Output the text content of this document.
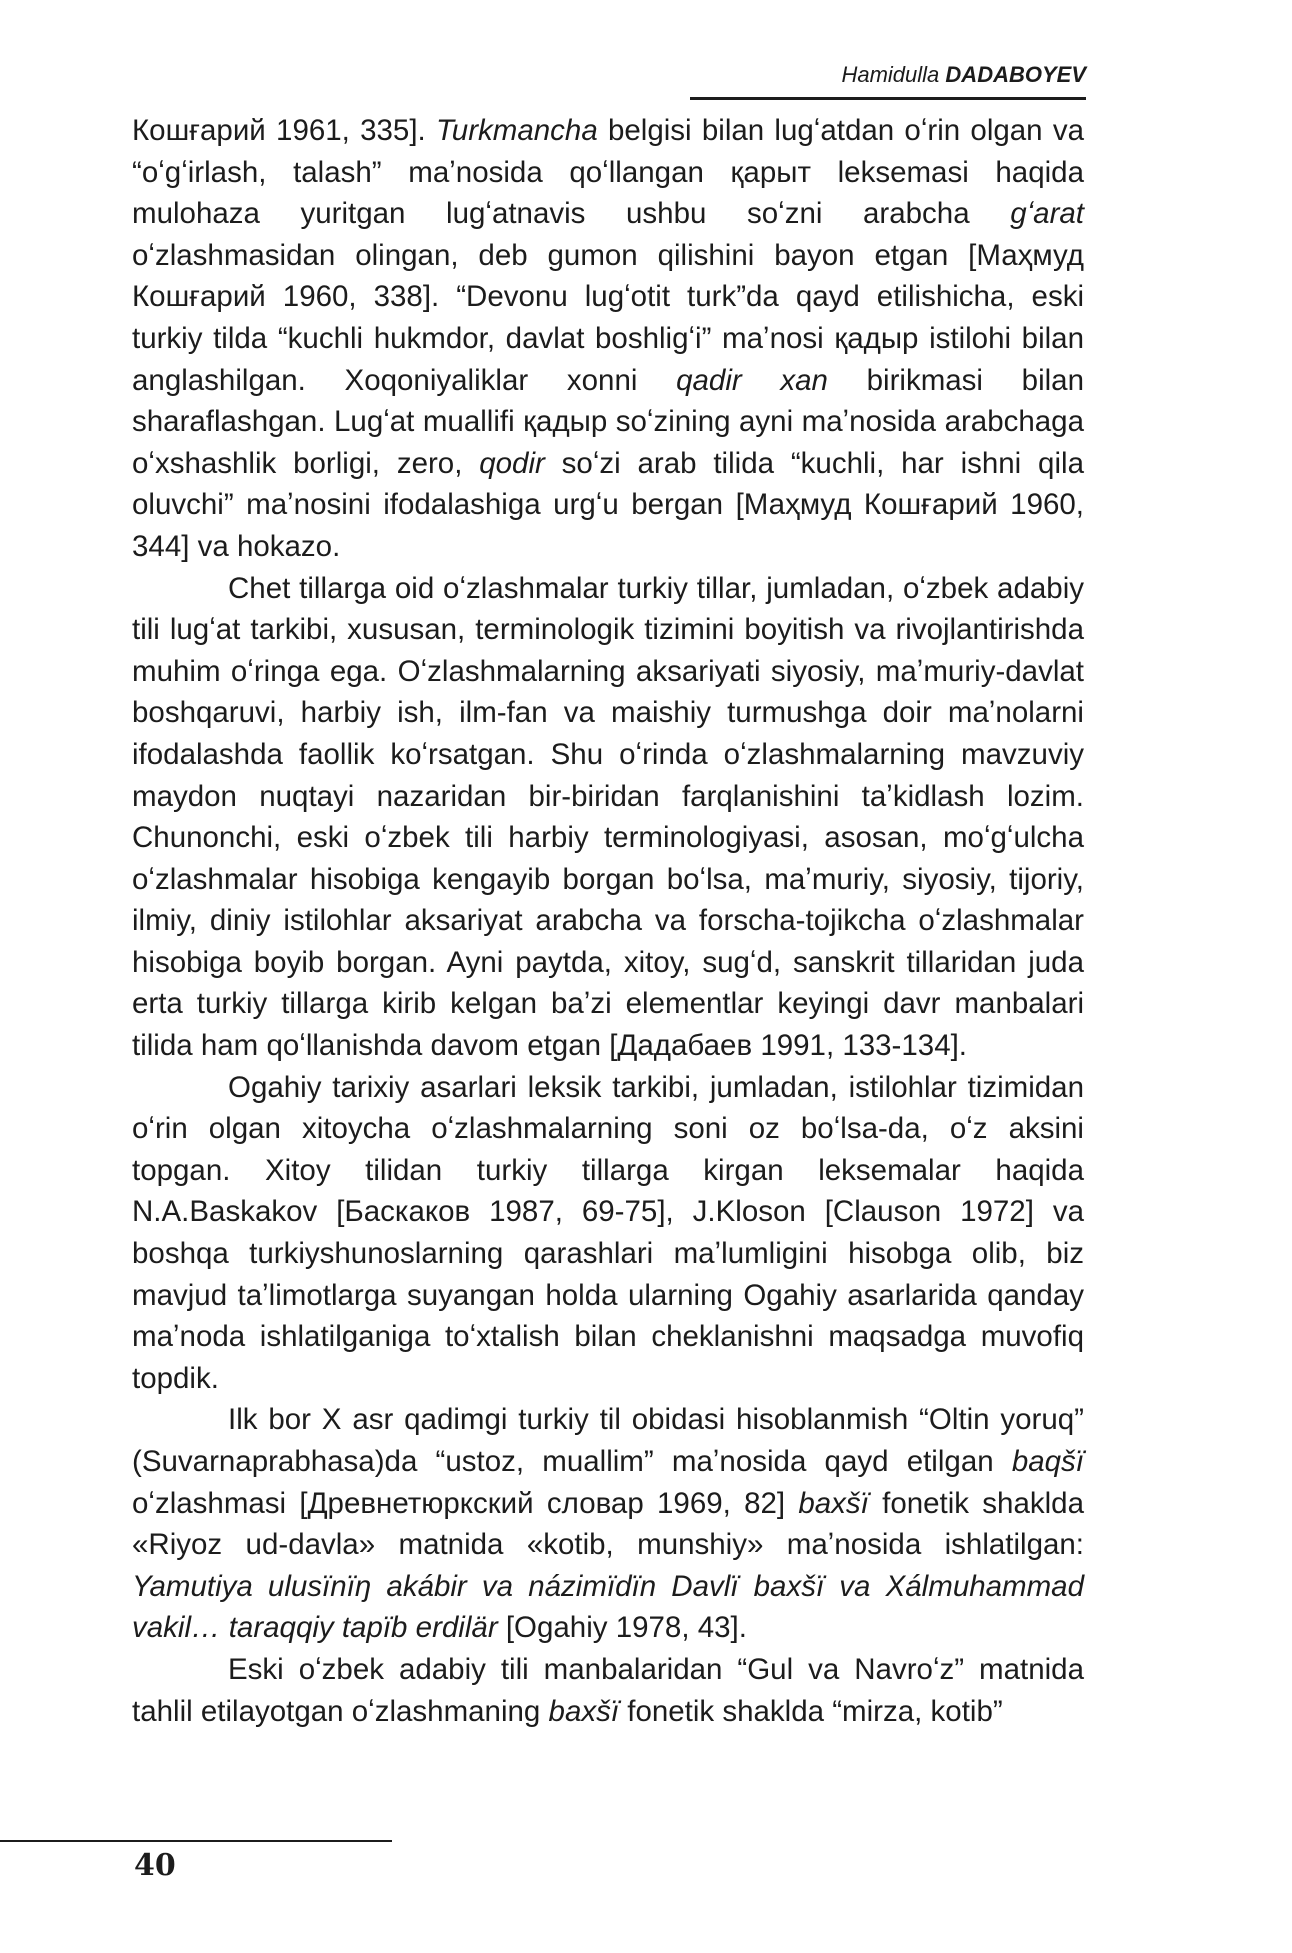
Hamidulla DADABOYEV

Кошғарий 1961, 335]. Turkmancha belgisi bilan lugʻatdan oʻrin olgan va “oʻgʻirlash, talash” maʼnosida qoʻllangan қарыт leksemasi haqida mulohaza yuritgan lugʻatnavis ushbu soʻzni arabcha gʻarat oʻzlashmasidan olingan, deb gumon qilishini bayon etgan [Маҳмуд Кошғарий 1960, 338]. “Devonu lugʻotit turk”da qayd etilishicha, eski turkiy tilda “kuchli hukmdor, davlat boshligʻi” maʼnosi қадыр istilohi bilan anglashilgan. Xoqoniyaliklar xonni qadir xan birikmasi bilan sharaflashgan. Lugʻat muallifi қадыр soʻzining ayni maʼnosida arabchaga oʻxshashlik borligi, zero, qodir soʻzi arab tilida “kuchli, har ishni qila oluvchi” maʼnosini ifodalashiga urgʻu bergan [Маҳмуд Кошғарий 1960, 344] va hokazo.

Chet tillarga oid oʻzlashmalar turkiy tillar, jumladan, oʻzbek adabiy tili lugʻat tarkibi, xususan, terminologik tizimini boyitish va rivojlantirishda muhim oʻringa ega. Oʻzlashmalarning aksariyati siyosiy, maʼmuriy-davlat boshqaruvi, harbiy ish, ilm-fan va maishiy turmushga doir maʼnolarni ifodalashda faollik koʻrsatgan. Shu oʻrinda oʻzlashmalarning mavzuviy maydon nuqtayi nazaridan bir-biridan farqlanishini taʼkidlash lozim. Chunonchi, eski oʻzbek tili harbiy terminologiyasi, asosan, moʻgʻulcha oʻzlashmalar hisobiga kengayib borgan boʻlsa, maʼmuriy, siyosiy, tijoriy, ilmiy, diniy istilohlar aksariyat arabcha va forscha-tojikcha oʻzlashmalar hisobiga boyib borgan. Ayni paytda, xitoy, sugʻd, sanskrit tillaridan juda erta turkiy tillarga kirib kelgan baʼzi elementlar keyingi davr manbalari tilida ham qoʻllanishda davom etgan [Дадабаев 1991, 133-134].

Ogahiy tarixiy asarlari leksik tarkibi, jumladan, istilohlar tizimidan oʻrin olgan xitoycha oʻzlashmalarning soni oz boʻlsa-da, oʻz aksini topgan. Xitoy tilidan turkiy tillarga kirgan leksemalar haqida N.A.Baskakov [Баскаков 1987, 69-75], J.Kloson [Clauson 1972] va boshqa turkiyshunoslarning qarashlari maʼlumligini hisobga olib, biz mavjud taʼlimotlarga suyangan holda ularning Ogahiy asarlarida qanday maʼnoda ishlatilganiga toʻxtalish bilan cheklanishni maqsadga muvofiq topdik.

Ilk bor X asr qadimgi turkiy til obidasi hisoblanmish “Oltin yoruq” (Suvarnaprabhasa)da “ustoz, muallim” maʼnosida qayd etilgan baqšï oʻzlashmasi [Древнетюркский словар 1969, 82] baxšï fonetik shakldа «Riyoz ud-davla» matnida «kotib, munshiy» maʼnosida ishlatilgan: Yamutiya ulusïnïŋ akábir va názimïdïn Davlï baxšï va Xálmuhammad vakil… taraqqiy tapïb erdilär [Ogahiy 1978, 43].

Eski oʻzbek adabiy tili manbalaridan “Gul va Navroʻz” matnida tahlil etilayotgan oʻzlashmaning baxšï fonetik shakldа “mirza, kotib”

40
